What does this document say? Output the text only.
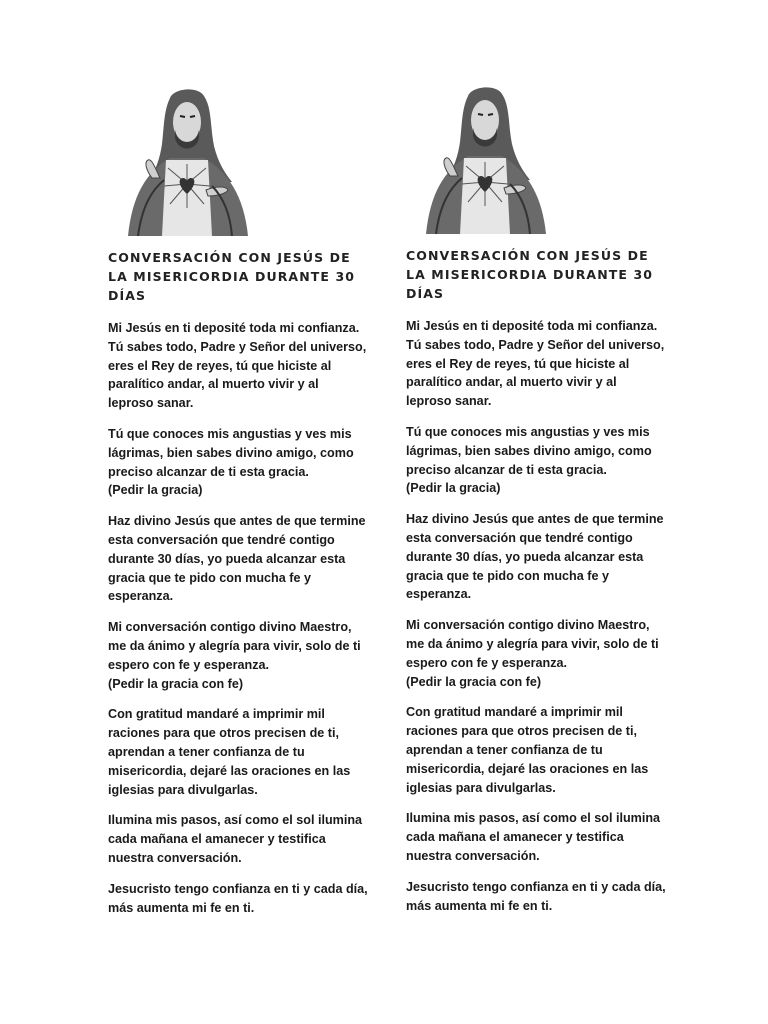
CONVERSACIÓN CON JESÚS DE LA MISERICORDIA DURANTE 30 DÍAS

Mi Jesús en ti deposité toda mi confianza.
Tú sabes todo, Padre y Señor del universo,
eres el Rey de reyes, tú que hiciste al
paralítico andar, al muerto vivir y al
leproso sanar.

Tú que conoces mis angustias y ves mis
lágrimas, bien sabes divino amigo, como
preciso alcanzar de ti esta gracia.
(Pedir la gracia)

Haz divino Jesús que antes de que termine
esta conversación que tendré contigo
durante 30 días, yo pueda alcanzar esta
gracia que te pido con mucha fe y
esperanza.

Mi conversación contigo divino Maestro,
me da ánimo y alegría para vivir, solo de ti
espero con fe y esperanza.
(Pedir la gracia con fe)

Con gratitud mandaré a imprimir mil
raciones para que otros precisen de ti,
aprendan a tener confianza de tu
misericordia, dejaré las oraciones en las
iglesias para divulgarlas.

Ilumina mis pasos, así como el sol ilumina
cada mañana el amanecer y testifica
nuestra conversación.

Jesucristo tengo confianza en ti y cada día,
más aumenta mi fe en ti.

CONVERSACIÓN CON JESÚS DE LA MISERICORDIA DURANTE 30 DÍAS

Mi Jesús en ti deposité toda mi confianza.
Tú sabes todo, Padre y Señor del universo,
eres el Rey de reyes, tú que hiciste al
paralítico andar, al muerto vivir y al
leproso sanar.

Tú que conoces mis angustias y ves mis
lágrimas, bien sabes divino amigo, como
preciso alcanzar de ti esta gracia.
(Pedir la gracia)

Haz divino Jesús que antes de que termine
esta conversación que tendré contigo
durante 30 días, yo pueda alcanzar esta
gracia que te pido con mucha fe y
esperanza.

Mi conversación contigo divino Maestro,
me da ánimo y alegría para vivir, solo de ti
espero con fe y esperanza.
(Pedir la gracia con fe)

Con gratitud mandaré a imprimir mil
raciones para que otros precisen de ti,
aprendan a tener confianza de tu
misericordia, dejaré las oraciones en las
iglesias para divulgarlas.

Ilumina mis pasos, así como el sol ilumina
cada mañana el amanecer y testifica
nuestra conversación.

Jesucristo tengo confianza en ti y cada día,
más aumenta mi fe en ti.
